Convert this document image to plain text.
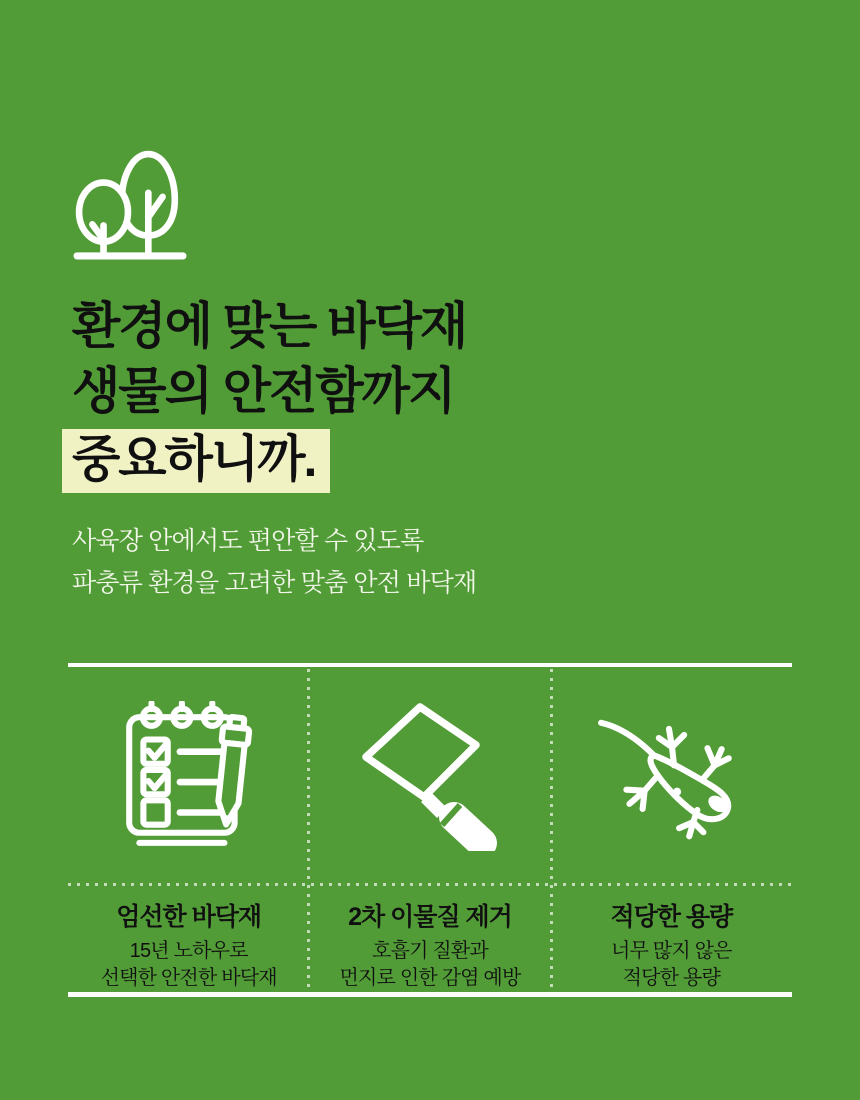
환경에 맞는 바닥재
생물의 안전함까지
중요하니까.
사육장 안에서도 편안할 수 있도록
파충류 환경을 고려한 맞춤 안전 바닥재
엄선한 바닥재
15년 노하우로
선택한 안전한 바닥재
2차 이물질 제거
호흡기 질환과
먼지로 인한 감염 예방
적당한 용량
너무 많지 않은
적당한 용량
